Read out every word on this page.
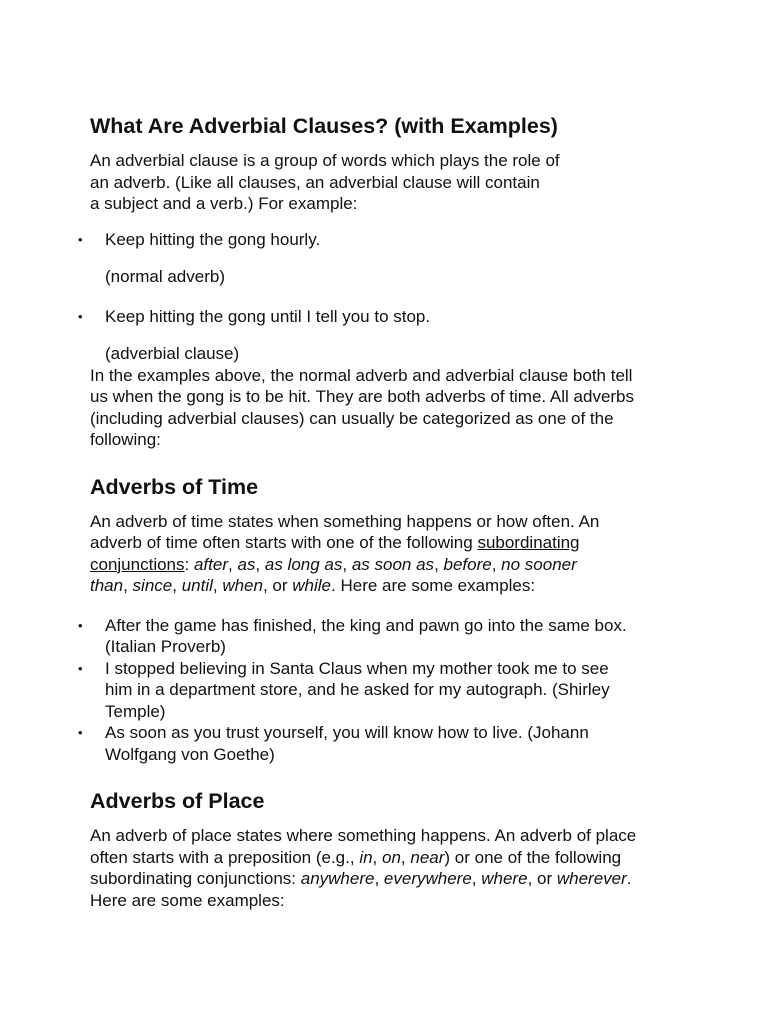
What Are Adverbial Clauses? (with Examples)

An adverbial clause is a group of words which plays the role of

an adverb. (Like all clauses, an adverbial clause will contain

a subject and a verb.) For example:

• Keep hitting the gong hourly.
(normal adverb)
• Keep hitting the gong until I tell you to stop.
(adverbial clause)

In the examples above, the normal adverb and adverbial clause both tell

us when the gong is to be hit. They are both adverbs of time. All adverbs

(including adverbial clauses) can usually be categorized as one of the

following:

Adverbs of Time

An adverb of time states when something happens or how often. An

adverb of time often starts with one of the following subordinating

conjunctions: after, as, as long as, as soon as, before, no sooner

than, since, until, when, or while. Here are some examples:

• After the game has finished, the king and pawn go into the same box.
(Italian Proverb)
• I stopped believing in Santa Claus when my mother took me to see
him in a department store, and he asked for my autograph. (Shirley
Temple)
• As soon as you trust yourself, you will know how to live. (Johann
Wolfgang von Goethe)
Adverbs of Place

An adverb of place states where something happens. An adverb of place

often starts with a preposition (e.g., in, on, near) or one of the following

subordinating conjunctions: anywhere, everywhere, where, or wherever.

Here are some examples:
